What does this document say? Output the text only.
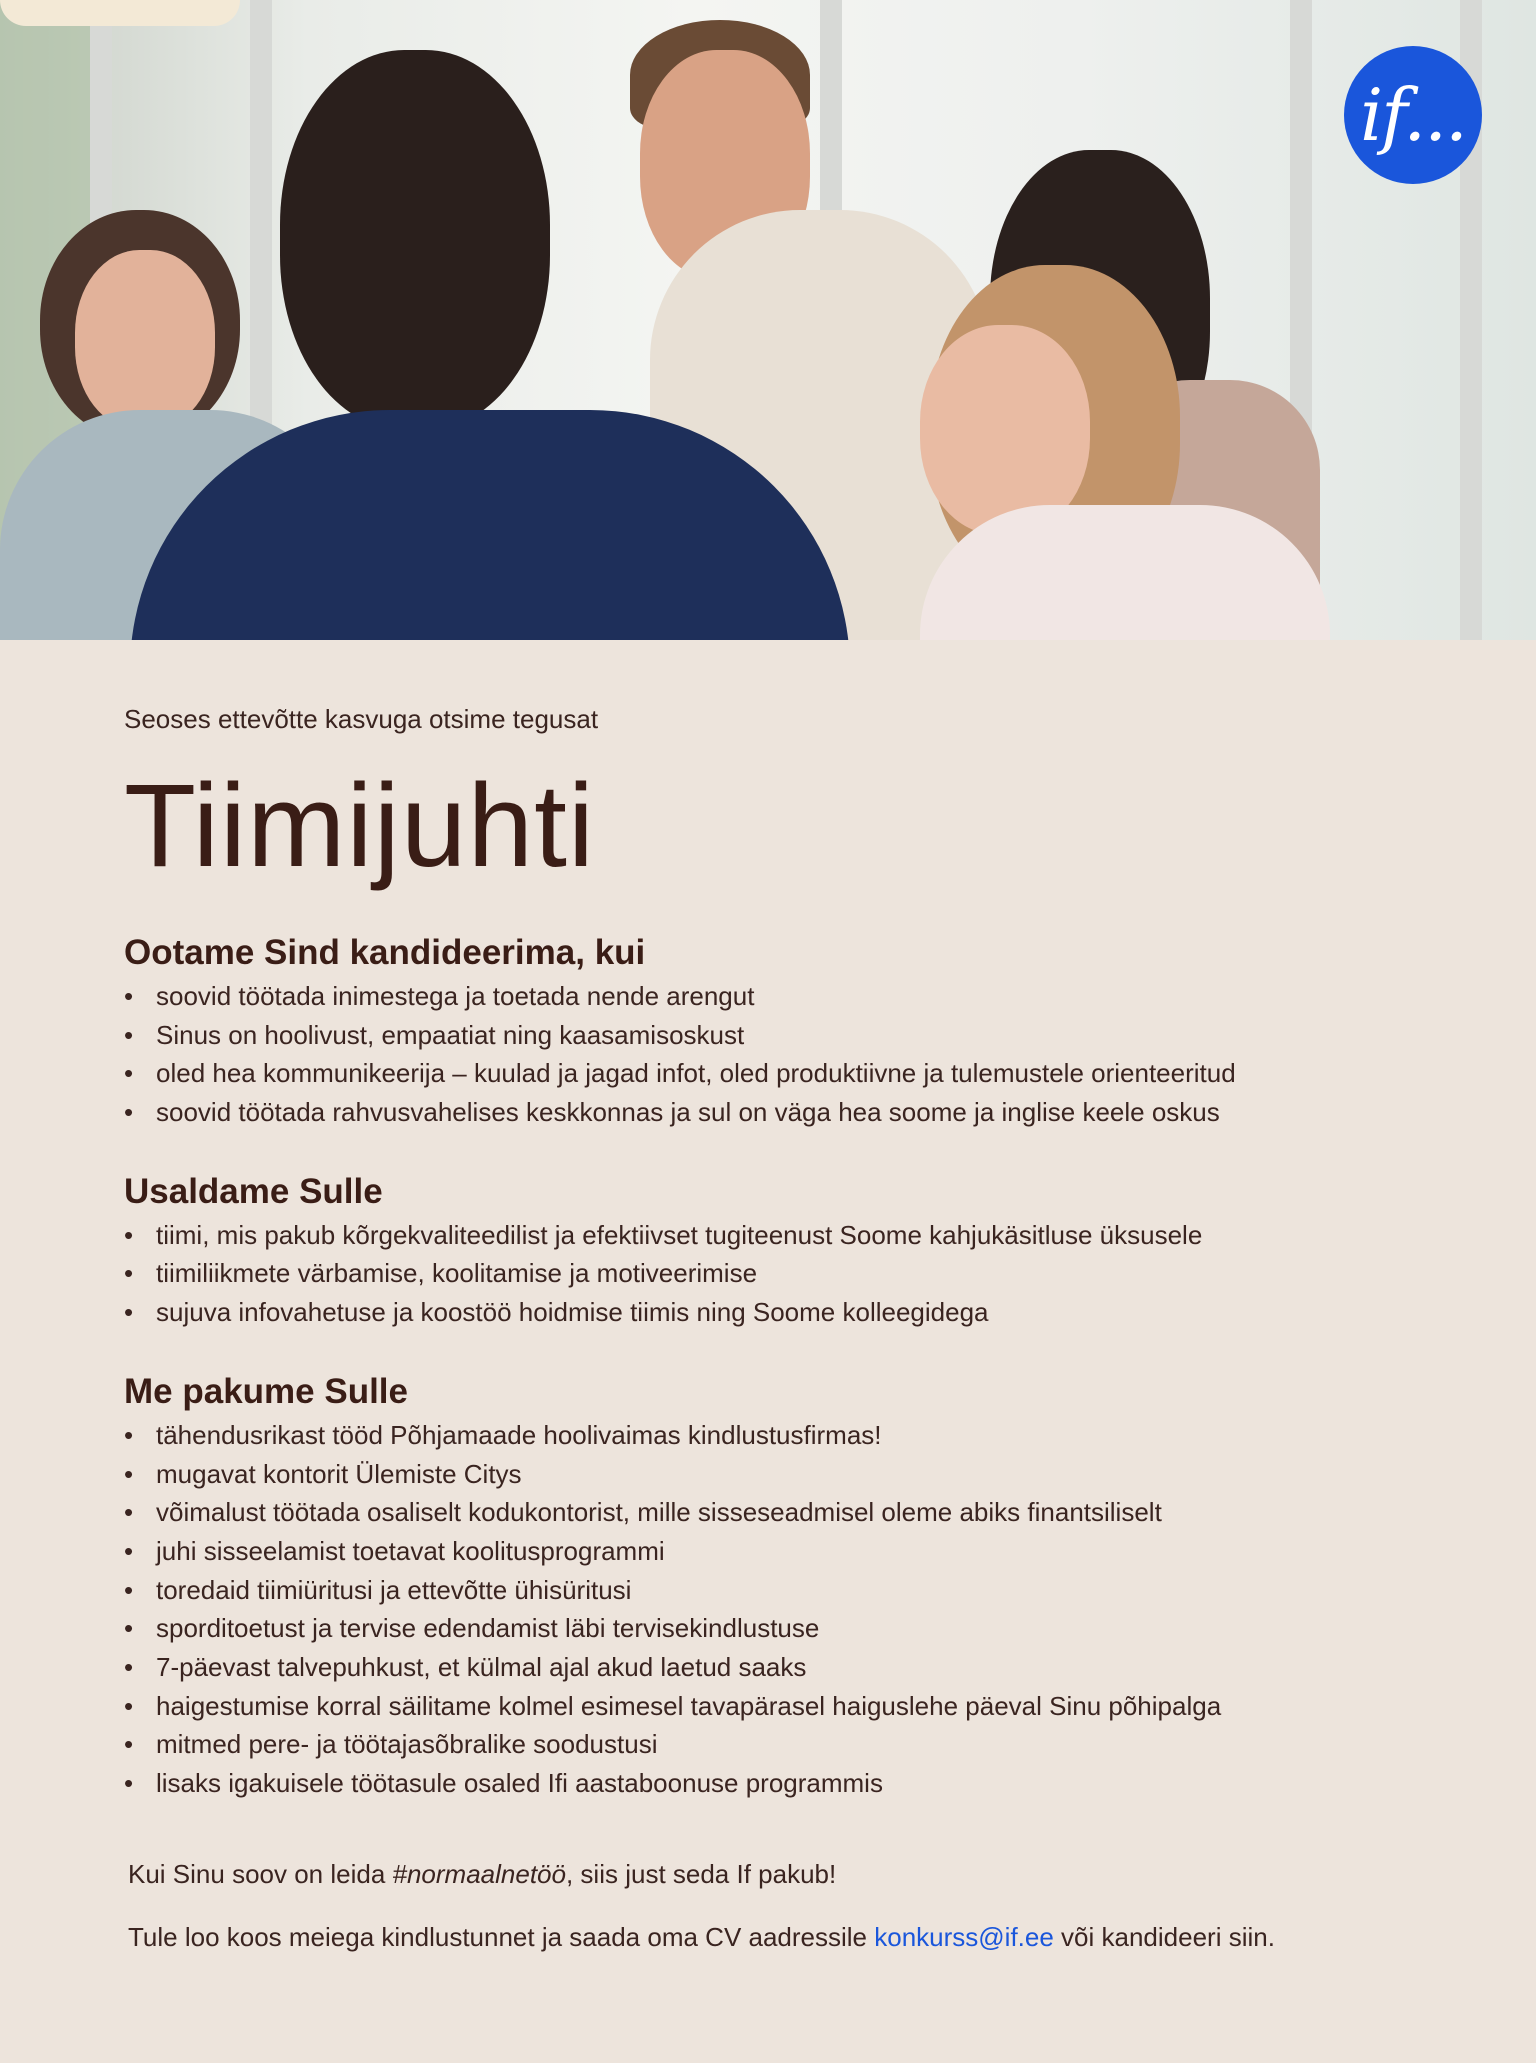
if...
Seoses ettevõtte kasvuga otsime tegusat
Tiimijuhti
Ootame Sind kandideerima, kui
• soovid töötada inimestega ja toetada nende arengut
• Sinus on hoolivust, empaatiat ning kaasamisoskust
• oled hea kommunikeerija – kuulad ja jagad infot, oled produktiivne ja tulemustele orienteeritud
• soovid töötada rahvusvahelises keskkonnas ja sul on väga hea soome ja inglise keele oskus
Usaldame Sulle
• tiimi, mis pakub kõrgekvaliteedilist ja efektiivset tugiteenust Soome kahjukäsitluse üksusele
• tiimiliikmete värbamise, koolitamise ja motiveerimise
• sujuva infovahetuse ja koostöö hoidmise tiimis ning Soome kolleegidega
Me pakume Sulle
• tähendusrikast tööd Põhjamaade hoolivaimas kindlustusfirmas!
• mugavat kontorit Ülemiste Citys
• võimalust töötada osaliselt kodukontorist, mille sisseseadmisel oleme abiks finantsiliselt
• juhi sisseelamist toetavat koolitusprogrammi
• toredaid tiimiüritusi ja ettevõtte ühisüritusi
• sporditoetust ja tervise edendamist läbi tervisekindlustuse
• 7-päevast talvepuhkust, et külmal ajal akud laetud saaks
• haigestumise korral säilitame kolmel esimesel tavapärasel haiguslehe päeval Sinu põhipalga
• mitmed pere- ja töötajasõbralike soodustusi
• lisaks igakuisele töötasule osaled Ifi aastaboonuse programmis
Kui Sinu soov on leida #normaalnetöö, siis just seda If pakub!
Tule loo koos meiega kindlustunnet ja saada oma CV aadressile konkurss@if.ee või kandideeri siin.
